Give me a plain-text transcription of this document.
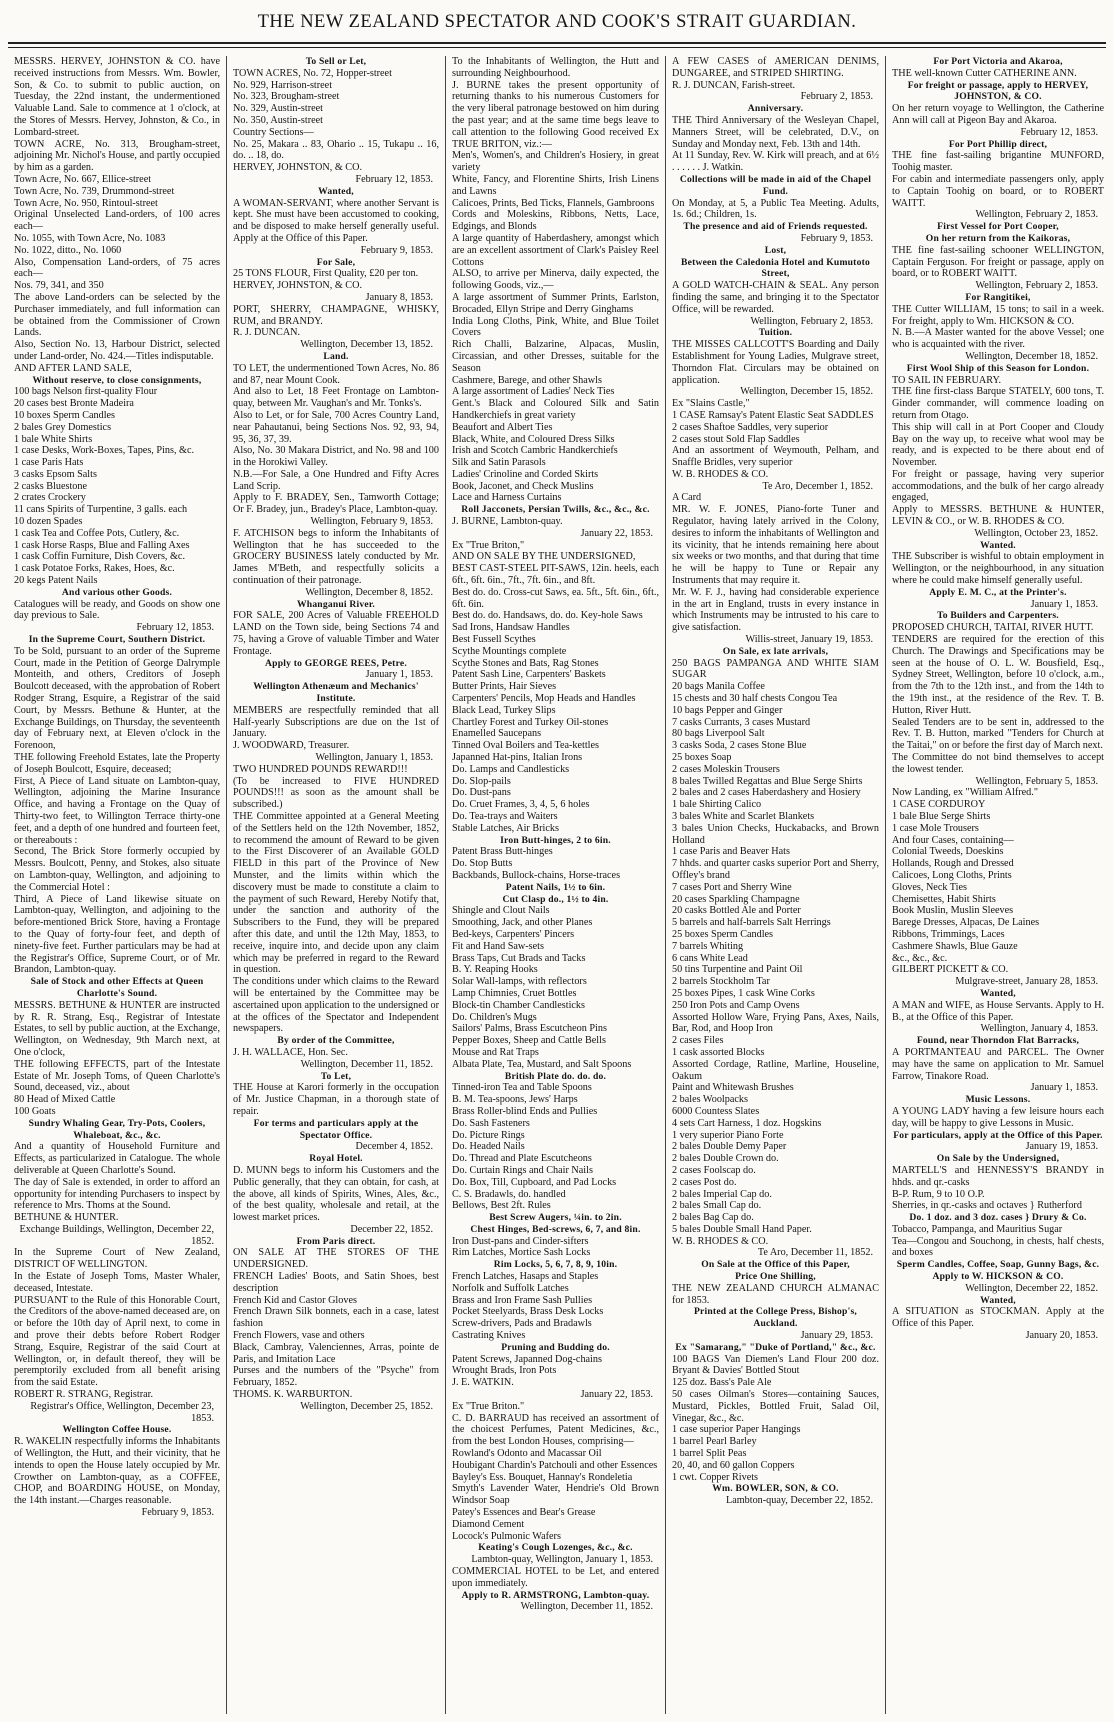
THE NEW ZEALAND SPECTATOR AND COOK'S STRAIT GUARDIAN.

MESSRS. HERVEY, JOHNSTON & CO. have received instructions from Messrs. Wm. Bowler, Son, & Co. to submit to public auction, on Tuesday, the 22nd instant, the undermentioned Valuable Land. Sale to commence at 1 o'clock, at the Stores of Messrs. Hervey, Johnston, & Co., in Lombard-street.

TOWN ACRE, No. 313, Brougham-street, adjoining Mr. Nichol's House, and partly occupied by him as a garden.

Town Acre, No. 667, Ellice-street

Town Acre, No. 739, Drummond-street

Town Acre, No. 950, Rintoul-street

Original Unselected Land-orders, of 100 acres each—

No. 1055, with Town Acre, No. 1083

No. 1022, ditto., No. 1060

Also, Compensation Land-orders, of 75 acres each—

Nos. 79, 341, and 350

The above Land-orders can be selected by the Purchaser immediately, and full information can be obtained from the Commissioner of Crown Lands.

Also, Section No. 13, Harbour District, selected under Land-order, No. 424.—Titles indisputable.

AND AFTER LAND SALE,

Without reserve, to close consignments,

100 bags Nelson first-quality Flour

20 cases best Bronte Madeira

10 boxes Sperm Candles

2 bales Grey Domestics

1 bale White Shirts

1 case Desks, Work-Boxes, Tapes, Pins, &c.

1 case Paris Hats

3 casks Epsom Salts

2 casks Bluestone

2 crates Crockery

11 cans Spirits of Turpentine, 3 galls. each

10 dozen Spades

1 cask Tea and Coffee Pots, Cutlery, &c.

1 cask Horse Rasps, Blue and Falling Axes

1 cask Coffin Furniture, Dish Covers, &c.

1 cask Potatoe Forks, Rakes, Hoes, &c.

20 kegs Patent Nails

And various other Goods.

Catalogues will be ready, and Goods on show one day previous to Sale.

February 12, 1853.

In the Supreme Court, Southern District.

To be Sold, pursuant to an order of the Supreme Court, made in the Petition of George Dalrymple Monteith, and others, Creditors of Joseph Boulcott deceased, with the approbation of Robert Rodger Strang, Esquire, a Registrar of the said Court, by Messrs. Bethune & Hunter, at the Exchange Buildings, on Thursday, the seventeenth day of February next, at Eleven o'clock in the Forenoon,

THE following Freehold Estates, late the Property of Joseph Boulcott, Esquire, deceased;

First, A Piece of Land situate on Lambton-quay, Wellington, adjoining the Marine Insurance Office, and having a Frontage on the Quay of Thirty-two feet, to Willington Terrace thirty-one feet, and a depth of one hundred and fourteen feet, or thereabouts :

Second, The Brick Store formerly occupied by Messrs. Boulcott, Penny, and Stokes, also situate on Lambton-quay, Wellington, and adjoining to the Commercial Hotel :

Third, A Piece of Land likewise situate on Lambton-quay, Wellington, and adjoining to the before-mentioned Brick Store, having a Frontage to the Quay of forty-four feet, and depth of ninety-five feet. Further particulars may be had at the Registrar's Office, Supreme Court, or of Mr. Brandon, Lambton-quay.

Sale of Stock and other Effects at Queen Charlotte's Sound.

MESSRS. BETHUNE & HUNTER are instructed by R. R. Strang, Esq., Registrar of Intestate Estates, to sell by public auction, at the Exchange, Wellington, on Wednesday, 9th March next, at One o'clock,

THE following EFFECTS, part of the Intestate Estate of Mr. Joseph Toms, of Queen Charlotte's Sound, deceased, viz., about

80 Head of Mixed Cattle

100 Goats

Sundry Whaling Gear, Try-Pots, Coolers, Whaleboat, &c., &c.

And a quantity of Household Furniture and Effects, as particularized in Catalogue. The whole deliverable at Queen Charlotte's Sound.

The day of Sale is extended, in order to afford an opportunity for intending Purchasers to inspect by reference to Mrs. Thoms at the Sound.

BETHUNE & HUNTER.

Exchange Buildings, Wellington, December 22, 1852.

In the Supreme Court of New Zealand, DISTRICT OF WELLINGTON.

In the Estate of Joseph Toms, Master Whaler, deceased, Intestate.

PURSUANT to the Rule of this Honorable Court, the Creditors of the above-named deceased are, on or before the 10th day of April next, to come in and prove their debts before Robert Rodger Strang, Esquire, Registrar of the said Court at Wellington, or, in default thereof, they will be peremptorily excluded from all benefit arising from the said Estate.

ROBERT R. STRANG, Registrar.

Registrar's Office, Wellington, December 23, 1853.

Wellington Coffee House.

R. WAKELIN respectfully informs the Inhabitants of Wellington, the Hutt, and their vicinity, that he intends to open the House lately occupied by Mr. Crowther on Lambton-quay, as a COFFEE, CHOP, and BOARDING HOUSE, on Monday, the 14th instant.—Charges reasonable.

February 9, 1853.

To Sell or Let,

TOWN ACRES, No. 72, Hopper-street

No. 929, Harrison-street

No. 323, Brougham-street

No. 329, Austin-street

No. 350, Austin-street

Country Sections—

No. 25, Makara .. 83, Ohario .. 15, Tukapu .. 16, do. .. 18, do.

HERVEY, JOHNSTON, & CO.

February 12, 1853.

Wanted,

A WOMAN-SERVANT, where another Servant is kept. She must have been accustomed to cooking, and be disposed to make herself generally useful. Apply at the Office of this Paper.

February 9, 1853.

For Sale,

25 TONS FLOUR, First Quality, £20 per ton.

HERVEY, JOHNSTON, & CO.

January 8, 1853.

PORT, SHERRY, CHAMPAGNE, WHISKY, RUM, and BRANDY.

R. J. DUNCAN.

Wellington, December 13, 1852.

Land.

TO LET, the undermentioned Town Acres, No. 86 and 87, near Mount Cook.

And also to Let, 18 Feet Frontage on Lambton-quay, between Mr. Vaughan's and Mr. Tonks's.

Also to Let, or for Sale, 700 Acres Country Land, near Pahautanui, being Sections Nos. 92, 93, 94, 95, 36, 37, 39.

Also, No. 30 Makara District, and No. 98 and 100 in the Horokiwi Valley.

N.B.—For Sale, a One Hundred and Fifty Acres Land Scrip.

Apply to F. BRADEY, Sen., Tamworth Cottage; Or F. Bradey, jun., Bradey's Place, Lambton-quay.

Wellington, February 9, 1853.

F. ATCHISON begs to inform the Inhabitants of Wellington that he has succeeded to the GROCERY BUSINESS lately conducted by Mr. James M'Beth, and respectfully solicits a continuation of their patronage.

Wellington, December 8, 1852.

Whanganui River.

FOR SALE, 200 Acres of Valuable FREEHOLD LAND on the Town side, being Sections 74 and 75, having a Grove of valuable Timber and Water Frontage.

Apply to GEORGE REES, Petre.

January 1, 1853.

Wellington Athenæum and Mechanics' Institute.

MEMBERS are respectfully reminded that all Half-yearly Subscriptions are due on the 1st of January.

J. WOODWARD, Treasurer.

Wellington, January 1, 1853.

TWO HUNDRED POUNDS REWARD!!!

(To be increased to FIVE HUNDRED POUNDS!!! as soon as the amount shall be subscribed.)

THE Committee appointed at a General Meeting of the Settlers held on the 12th November, 1852, to recommend the amount of Reward to be given to the First Discoverer of an Available GOLD FIELD in this part of the Province of New Munster, and the limits within which the discovery must be made to constitute a claim to the payment of such Reward, Hereby Notify that, under the sanction and authority of the Subscribers to the Fund, they will be prepared after this date, and until the 12th May, 1853, to receive, inquire into, and decide upon any claim which may be preferred in regard to the Reward in question.

The conditions under which claims to the Reward will be entertained by the Committee may be ascertained upon application to the undersigned or at the offices of the Spectator and Independent newspapers.

By order of the Committee,

J. H. WALLACE, Hon. Sec.

Wellington, December 11, 1852.

To Let,

THE House at Karori formerly in the occupation of Mr. Justice Chapman, in a thorough state of repair.

For terms and particulars apply at the Spectator Office.

December 4, 1852.

Royal Hotel.

D. MUNN begs to inform his Customers and the Public generally, that they can obtain, for cash, at the above, all kinds of Spirits, Wines, Ales, &c., of the best quality, wholesale and retail, at the lowest market prices.

December 22, 1852.

From Paris direct.

ON SALE AT THE STORES OF THE UNDERSIGNED.

FRENCH Ladies' Boots, and Satin Shoes, best description

French Kid and Castor Gloves

French Drawn Silk bonnets, each in a case, latest fashion

French Flowers, vase and others

Black, Cambray, Valenciennes, Arras, pointe de Paris, and Imitation Lace

Purses and the numbers of the "Psyche" from February, 1852.

THOMS. K. WARBURTON.

Wellington, December 25, 1852.

To the Inhabitants of Wellington, the Hutt and surrounding Neighbourhood.

J. BURNE takes the present opportunity of returning thanks to his numerous Customers for the very liberal patronage bestowed on him during the past year; and at the same time begs leave to call attention to the following Good received Ex TRUE BRITON, viz.:—

Men's, Women's, and Children's Hosiery, in great variety

White, Fancy, and Florentine Shirts, Irish Linens and Lawns

Calicoes, Prints, Bed Ticks, Flannels, Gambroons

Cords and Moleskins, Ribbons, Netts, Lace, Edgings, and Blonds

A large quantity of Haberdashery, amongst which are an excellent assortment of Clark's Paisley Reel Cottons

ALSO, to arrive per Minerva, daily expected, the following Goods, viz.,—

A large assortment of Summer Prints, Earlston, Brocaded, Ellyn Stripe and Derry Ginghams

India Long Cloths, Pink, White, and Blue Toilet Covers

Rich Challi, Balzarine, Alpacas, Muslin, Circassian, and other Dresses, suitable for the Season

Cashmere, Barege, and other Shawls

A large assortment of Ladies' Neck Ties

Gent.'s Black and Coloured Silk and Satin Handkerchiefs in great variety

Beaufort and Albert Ties

Black, White, and Coloured Dress Silks

Irish and Scotch Cambric Handkerchiefs

Silk and Satin Parasols

Ladies' Crinoline and Corded Skirts

Book, Jaconet, and Check Muslins

Lace and Harness Curtains

Roll Jacconets, Persian Twills, &c., &c., &c.

J. BURNE, Lambton-quay.

January 22, 1853.

Ex "True Briton,"

AND ON SALE BY THE UNDERSIGNED,

BEST CAST-STEEL PIT-SAWS, 12in. heels, each 6ft., 6ft. 6in., 7ft., 7ft. 6in., and 8ft.

Best do. do. Cross-cut Saws, ea. 5ft., 5ft. 6in., 6ft., 6ft. 6in.

Best do. do. Handsaws, do. do. Key-hole Saws

Sad Irons, Handsaw Handles

Best Fussell Scythes

Scythe Mountings complete

Scythe Stones and Bats, Rag Stones

Patent Sash Line, Carpenters' Baskets

Butter Prints, Hair Sieves

Carpenters' Pencils, Mop Heads and Handles

Black Lead, Turkey Slips

Chartley Forest and Turkey Oil-stones

Enamelled Saucepans

Tinned Oval Boilers and Tea-kettles

Japanned Hat-pins, Italian Irons

Do. Lamps and Candlesticks

Do. Slop-pails

Do. Dust-pans

Do. Cruet Frames, 3, 4, 5, 6 holes

Do. Tea-trays and Waiters

Stable Latches, Air Bricks

Iron Butt-hinges, 2 to 6in.

Patent Brass Butt-hinges

Do. Stop Butts

Backbands, Bullock-chains, Horse-traces

Patent Nails, 1½ to 6in.

Cut Clasp do., 1½ to 4in.

Shingle and Clout Nails

Smoothing, Jack, and other Planes

Bed-keys, Carpenters' Pincers

Fit and Hand Saw-sets

Brass Taps, Cut Brads and Tacks

B. Y. Reaping Hooks

Solar Wall-lamps, with reflectors

Lamp Chimnies, Cruet Bottles

Block-tin Chamber Candlesticks

Do. Children's Mugs

Sailors' Palms, Brass Escutcheon Pins

Pepper Boxes, Sheep and Cattle Bells

Mouse and Rat Traps

Albata Plate, Tea, Mustard, and Salt Spoons

British Plate do. do. do.

Tinned-iron Tea and Table Spoons

B. M. Tea-spoons, Jews' Harps

Brass Roller-blind Ends and Pullies

Do. Sash Fasteners

Do. Picture Rings

Do. Headed Nails

Do. Thread and Plate Escutcheons

Do. Curtain Rings and Chair Nails

Do. Box, Till, Cupboard, and Pad Locks

C. S. Bradawls, do. handled

Bellows, Best 2ft. Rules

Best Screw Augers, ¼in. to 2in.

Chest Hinges, Bed-screws, 6, 7, and 8in.

Iron Dust-pans and Cinder-sifters

Rim Latches, Mortice Sash Locks

Rim Locks, 5, 6, 7, 8, 9, 10in.

French Latches, Hasaps and Staples

Norfolk and Suffolk Latches

Brass and Iron Frame Sash Pullies

Pocket Steelyards, Brass Desk Locks

Screw-drivers, Pads and Bradawls

Castrating Knives

Pruning and Budding do.

Patent Screws, Japanned Dog-chains

Wrought Brads, Iron Pots

J. E. WATKIN.

January 22, 1853.

Ex "True Briton."

C. D. BARRAUD has received an assortment of the choicest Perfumes, Patent Medicines, &c., from the best London Houses, comprising—

Rowland's Odonto and Macassar Oil

Houbigant Chardin's Patchouli and other Essences

Bayley's Ess. Bouquet, Hannay's Rondeletia

Smyth's Lavender Water, Hendrie's Old Brown Windsor Soap

Patey's Essences and Bear's Grease

Diamond Cement

Locock's Pulmonic Wafers

Keating's Cough Lozenges, &c., &c.

Lambton-quay, Wellington, January 1, 1853.

COMMERCIAL HOTEL to be Let, and entered upon immediately.

Apply to R. ARMSTRONG, Lambton-quay.

Wellington, December 11, 1852.

A FEW CASES of AMERICAN DENIMS, DUNGAREE, and STRIPED SHIRTING.

R. J. DUNCAN, Farish-street.

February 2, 1853.

Anniversary.

THE Third Anniversary of the Wesleyan Chapel, Manners Street, will be celebrated, D.V., on Sunday and Monday next, Feb. 13th and 14th.

At 11 Sunday, Rev. W. Kirk will preach, and at 6½ . . . . . . J. Watkin.

Collections will be made in aid of the Chapel Fund.

On Monday, at 5, a Public Tea Meeting. Adults, 1s. 6d.; Children, 1s.

The presence and aid of Friends requested.

February 9, 1853.

Lost,

Between the Caledonia Hotel and Kumutoto Street,

A GOLD WATCH-CHAIN & SEAL. Any person finding the same, and bringing it to the Spectator Office, will be rewarded.

Wellington, February 2, 1853.

Tuition.

THE MISSES CALLCOTT'S Boarding and Daily Establishment for Young Ladies, Mulgrave street, Thorndon Flat. Circulars may be obtained on application.

Wellington, December 15, 1852.

Ex "Slains Castle,"

1 CASE Ramsay's Patent Elastic Seat SADDLES

2 cases Shaftoe Saddles, very superior

2 cases stout Sold Flap Saddles

And an assortment of Weymouth, Pelham, and Snaffle Bridles, very superior

W. B. RHODES & CO.

Te Aro, December 1, 1852.

A Card

MR. W. F. JONES, Piano-forte Tuner and Regulator, having lately arrived in the Colony, desires to inform the inhabitants of Wellington and its vicinity, that he intends remaining here about six weeks or two months, and that during that time he will be happy to Tune or Repair any Instruments that may require it.

Mr. W. F. J., having had considerable experience in the art in England, trusts in every instance in which Instruments may be intrusted to his care to give satisfaction.

Willis-street, January 19, 1853.

On Sale, ex late arrivals,

250 BAGS PAMPANGA AND WHITE SIAM SUGAR

20 bags Manila Coffee

15 chests and 30 half chests Congou Tea

10 bags Pepper and Ginger

7 casks Currants, 3 cases Mustard

80 bags Liverpool Salt

3 casks Soda, 2 cases Stone Blue

25 boxes Soap

2 cases Moleskin Trousers

8 bales Twilled Regattas and Blue Serge Shirts

2 bales and 2 cases Haberdashery and Hosiery

1 bale Shirting Calico

3 bales White and Scarlet Blankets

3 bales Union Checks, Huckabacks, and Brown Holland

1 case Paris and Beaver Hats

7 hhds. and quarter casks superior Port and Sherry, Offley's brand

7 cases Port and Sherry Wine

20 cases Sparkling Champagne

20 casks Bottled Ale and Porter

5 barrels and half-barrels Salt Herrings

25 boxes Sperm Candles

7 barrels Whiting

6 cans White Lead

50 tins Turpentine and Paint Oil

2 barrels Stockholm Tar

25 boxes Pipes, 1 cask Wine Corks

250 Iron Pots and Camp Ovens

Assorted Hollow Ware, Frying Pans, Axes, Nails, Bar, Rod, and Hoop Iron

2 cases Files

1 cask assorted Blocks

Assorted Cordage, Ratline, Marline, Houseline, Oakum

Paint and Whitewash Brushes

2 bales Woolpacks

6000 Countess Slates

4 sets Cart Harness, 1 doz. Hogskins

1 very superior Piano Forte

2 bales Double Demy Paper

2 bales Double Crown do.

2 cases Foolscap do.

2 cases Post do.

2 bales Imperial Cap do.

2 bales Small Cap do.

2 bales Bag Cap do.

5 bales Double Small Hand Paper.

W. B. RHODES & CO.

Te Aro, December 11, 1852.

On Sale at the Office of this Paper,

Price One Shilling,

THE NEW ZEALAND CHURCH ALMANAC for 1853.

Printed at the College Press, Bishop's, Auckland.

January 29, 1853.

Ex "Samarang," "Duke of Portland," &c., &c.

100 BAGS Van Diemen's Land Flour 200 doz. Bryant & Davies' Bottled Stout

125 doz. Bass's Pale Ale

50 cases Oilman's Stores—containing Sauces, Mustard, Pickles, Bottled Fruit, Salad Oil, Vinegar, &c., &c.

1 case superior Paper Hangings

1 barrel Pearl Barley

1 barrel Split Peas

20, 40, and 60 gallon Coppers

1 cwt. Copper Rivets

Wm. BOWLER, SON, & CO.

Lambton-quay, December 22, 1852.

For Port Victoria and Akaroa,

THE well-known Cutter CATHERINE ANN.

For freight or passage, apply to HERVEY, JOHNSTON, & CO.

On her return voyage to Wellington, the Catherine Ann will call at Pigeon Bay and Akaroa.

February 12, 1853.

For Port Phillip direct,

THE fine fast-sailing brigantine MUNFORD, Toohig master.

For cabin and intermediate passengers only, apply to Captain Toohig on board, or to ROBERT WAITT.

Wellington, February 2, 1853.

First Vessel for Port Cooper,

On her return from the Kaikoras,

THE fine fast-sailing schooner WELLINGTON, Captain Ferguson. For freight or passage, apply on board, or to ROBERT WAITT.

Wellington, February 2, 1853.

For Rangitikei,

THE Cutter WILLIAM, 15 tons; to sail in a week. For freight, apply to Wm. HICKSON & CO.

N. B.—A Master wanted for the above Vessel; one who is acquainted with the river.

Wellington, December 18, 1852.

First Wool Ship of this Season for London.

TO SAIL IN FEBRUARY.

THE fine first-class Barque STATELY, 600 tons, T. Ginder commander, will commence loading on return from Otago.

This ship will call in at Port Cooper and Cloudy Bay on the way up, to receive what wool may be ready, and is expected to be there about end of November.

For freight or passage, having very superior accommodations, and the bulk of her cargo already engaged,

Apply to MESSRS. BETHUNE & HUNTER, LEVIN & CO., or W. B. RHODES & CO.

Wellington, October 23, 1852.

Wanted.

THE Subscriber is wishful to obtain employment in Wellington, or the neighbourhood, in any situation where he could make himself generally useful.

Apply E. M. C., at the Printer's.

January 1, 1853.

To Builders and Carpenters.

PROPOSED CHURCH, TAITAI, RIVER HUTT.

TENDERS are required for the erection of this Church. The Drawings and Specifications may be seen at the house of O. L. W. Bousfield, Esq., Sydney Street, Wellington, before 10 o'clock, a.m., from the 7th to the 12th inst., and from the 14th to the 19th inst., at the residence of the Rev. T. B. Hutton, River Hutt.

Sealed Tenders are to be sent in, addressed to the Rev. T. B. Hutton, marked "Tenders for Church at the Taitai," on or before the first day of March next.

The Committee do not bind themselves to accept the lowest tender.

Wellington, February 5, 1853.

Now Landing, ex "William Alfred."

1 CASE CORDUROY

1 bale Blue Serge Shirts

1 case Mole Trousers

And four Cases, containing—

Colonial Tweeds, Doeskins

Hollands, Rough and Dressed

Calicoes, Long Cloths, Prints

Gloves, Neck Ties

Chemisettes, Habit Shirts

Book Muslin, Muslin Sleeves

Barege Dresses, Alpacas, De Laines

Ribbons, Trimmings, Laces

Cashmere Shawls, Blue Gauze

&c., &c., &c.

GILBERT PICKETT & CO.

Mulgrave-street, January 28, 1853.

Wanted,

A MAN and WIFE, as House Servants. Apply to H. B., at the Office of this Paper.

Wellington, January 4, 1853.

Found, near Thorndon Flat Barracks,

A PORTMANTEAU and PARCEL. The Owner may have the same on application to Mr. Samuel Farrow, Tinakore Road.

January 1, 1853.

Music Lessons.

A YOUNG LADY having a few leisure hours each day, will be happy to give Lessons in Music.

For particulars, apply at the Office of this Paper.

January 19, 1853.

On Sale by the Undersigned,

MARTELL'S and HENNESSY'S BRANDY in hhds. and qr.-casks

B-P. Rum, 9 to 10 O.P.

Sherries, in qr.-casks and octaves } Rutherford

Do. 1 doz. and 3 doz. cases } Drury & Co.

Tobacco, Pampanga, and Mauritius Sugar

Tea—Congou and Souchong, in chests, half chests, and boxes

Sperm Candles, Coffee, Soap, Gunny Bags, &c.

Apply to W. HICKSON & CO.

Wellington, December 22, 1852.

Wanted,

A SITUATION as STOCKMAN. Apply at the Office of this Paper.

January 20, 1853.
